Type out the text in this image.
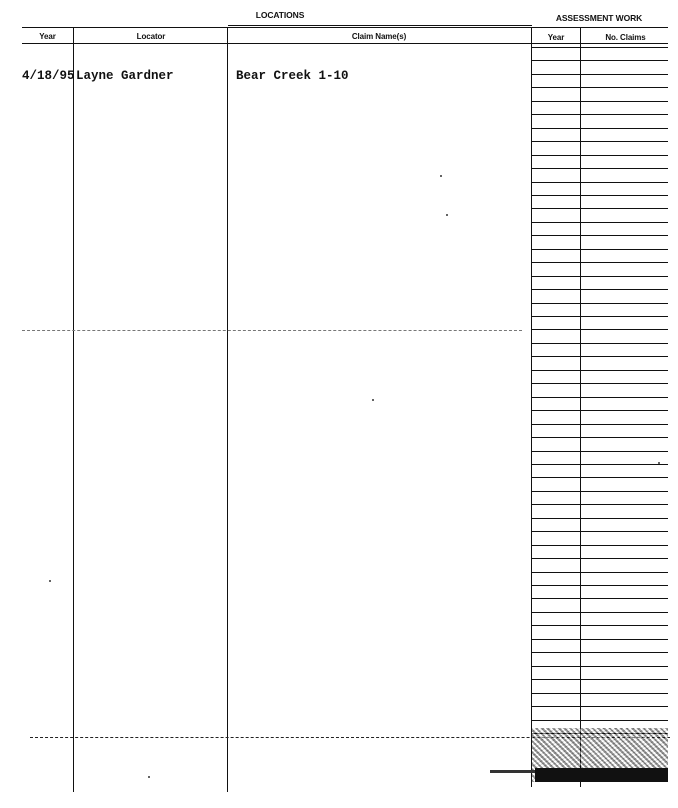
LOCATIONS	ASSESSMENT WORK
Year	Locator	Claim Name(s)	Year	No. Claims
4/18/95 Layne Gardner	Bear Creek 1-10
